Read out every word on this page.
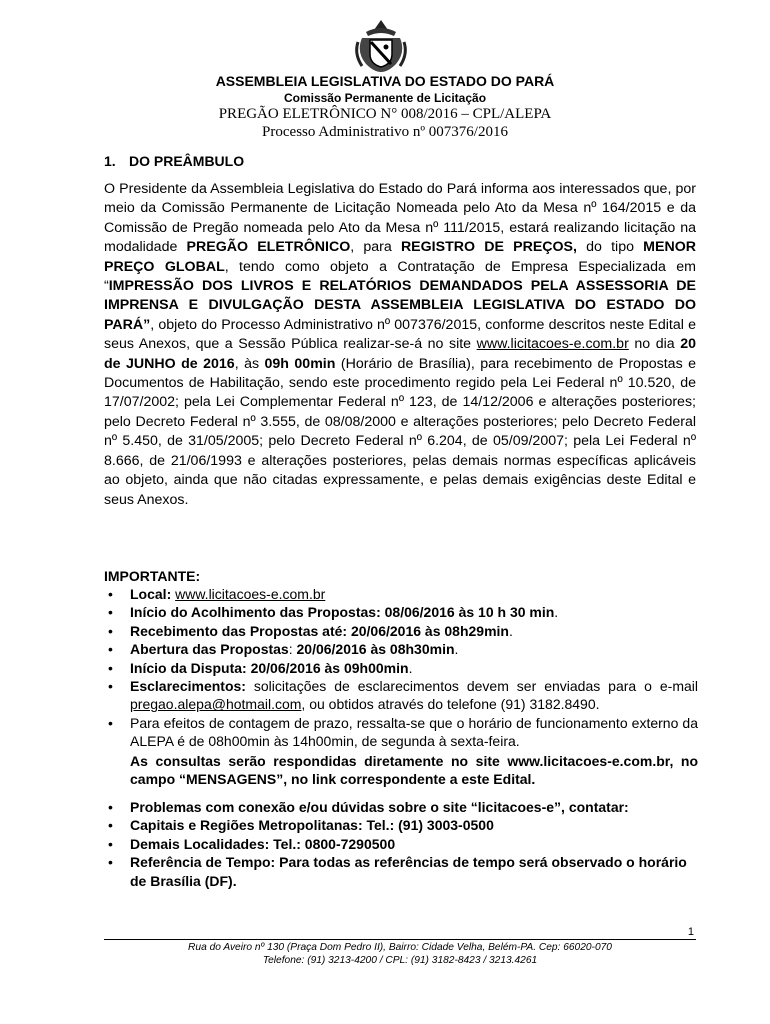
ASSEMBLEIA LEGISLATIVA DO ESTADO DO PARÁ
Comissão Permanente de Licitação
PREGÃO ELETRÔNICO N° 008/2016 – CPL/ALEPA
Processo Administrativo nº 007376/2016
1. DO PREÂMBULO

O Presidente da Assembleia Legislativa do Estado do Pará informa aos interessados que, por meio da Comissão Permanente de Licitação Nomeada pelo Ato da Mesa nº 164/2015 e da Comissão de Pregão nomeada pelo Ato da Mesa nº 111/2015, estará realizando licitação na modalidade PREGÃO ELETRÔNICO, para REGISTRO DE PREÇOS, do tipo MENOR PREÇO GLOBAL, tendo como objeto a Contratação de Empresa Especializada em “IMPRESSÃO DOS LIVROS E RELATÓRIOS DEMANDADOS PELA ASSESSORIA DE IMPRENSA E DIVULGAÇÃO DESTA ASSEMBLEIA LEGISLATIVA DO ESTADO DO PARÁ”, objeto do Processo Administrativo nº 007376/2015, conforme descritos neste Edital e seus Anexos, que a Sessão Pública realizar-se-á no site www.licitacoes-e.com.br no dia 20 de JUNHO de 2016, às 09h 00min (Horário de Brasília), para recebimento de Propostas e Documentos de Habilitação, sendo este procedimento regido pela Lei Federal nº 10.520, de 17/07/2002; pela Lei Complementar Federal nº 123, de 14/12/2006 e alterações posteriores; pelo Decreto Federal nº 3.555, de 08/08/2000 e alterações posteriores; pelo Decreto Federal nº 5.450, de 31/05/2005; pelo Decreto Federal nº 6.204, de 05/09/2007; pela Lei Federal nº 8.666, de 21/06/1993 e alterações posteriores, pelas demais normas específicas aplicáveis ao objeto, ainda que não citadas expressamente, e pelas demais exigências deste Edital e seus Anexos.

IMPORTANTE:
• Local: www.licitacoes-e.com.br
• Início do Acolhimento das Propostas: 08/06/2016 às 10 h 30 min.
• Recebimento das Propostas até: 20/06/2016 às 08h29min.
• Abertura das Propostas: 20/06/2016 às 08h30min.
• Início da Disputa: 20/06/2016 às 09h00min.
• Esclarecimentos: solicitações de esclarecimentos devem ser enviadas para o e-mail pregao.alepa@hotmail.com, ou obtidos através do telefone (91) 3182.8490.
• Para efeitos de contagem de prazo, ressalta-se que o horário de funcionamento externo da ALEPA é de 08h00min às 14h00min, de segunda à sexta-feira.

As consultas serão respondidas diretamente no site www.licitacoes-e.com.br, no campo “MENSAGENS”, no link correspondente a este Edital.

• Problemas com conexão e/ou dúvidas sobre o site “licitacoes-e”, contatar:
• Capitais e Regiões Metropolitanas: Tel.: (91) 3003-0500
• Demais Localidades: Tel.: 0800-7290500
• Referência de Tempo: Para todas as referências de tempo será observado o horário de Brasília (DF).
1
Rua do Aveiro nº 130 (Praça Dom Pedro II), Bairro: Cidade Velha, Belém-PA. Cep: 66020-070
Telefone: (91) 3213-4200 / CPL: (91) 3182-8423 / 3213.4261
